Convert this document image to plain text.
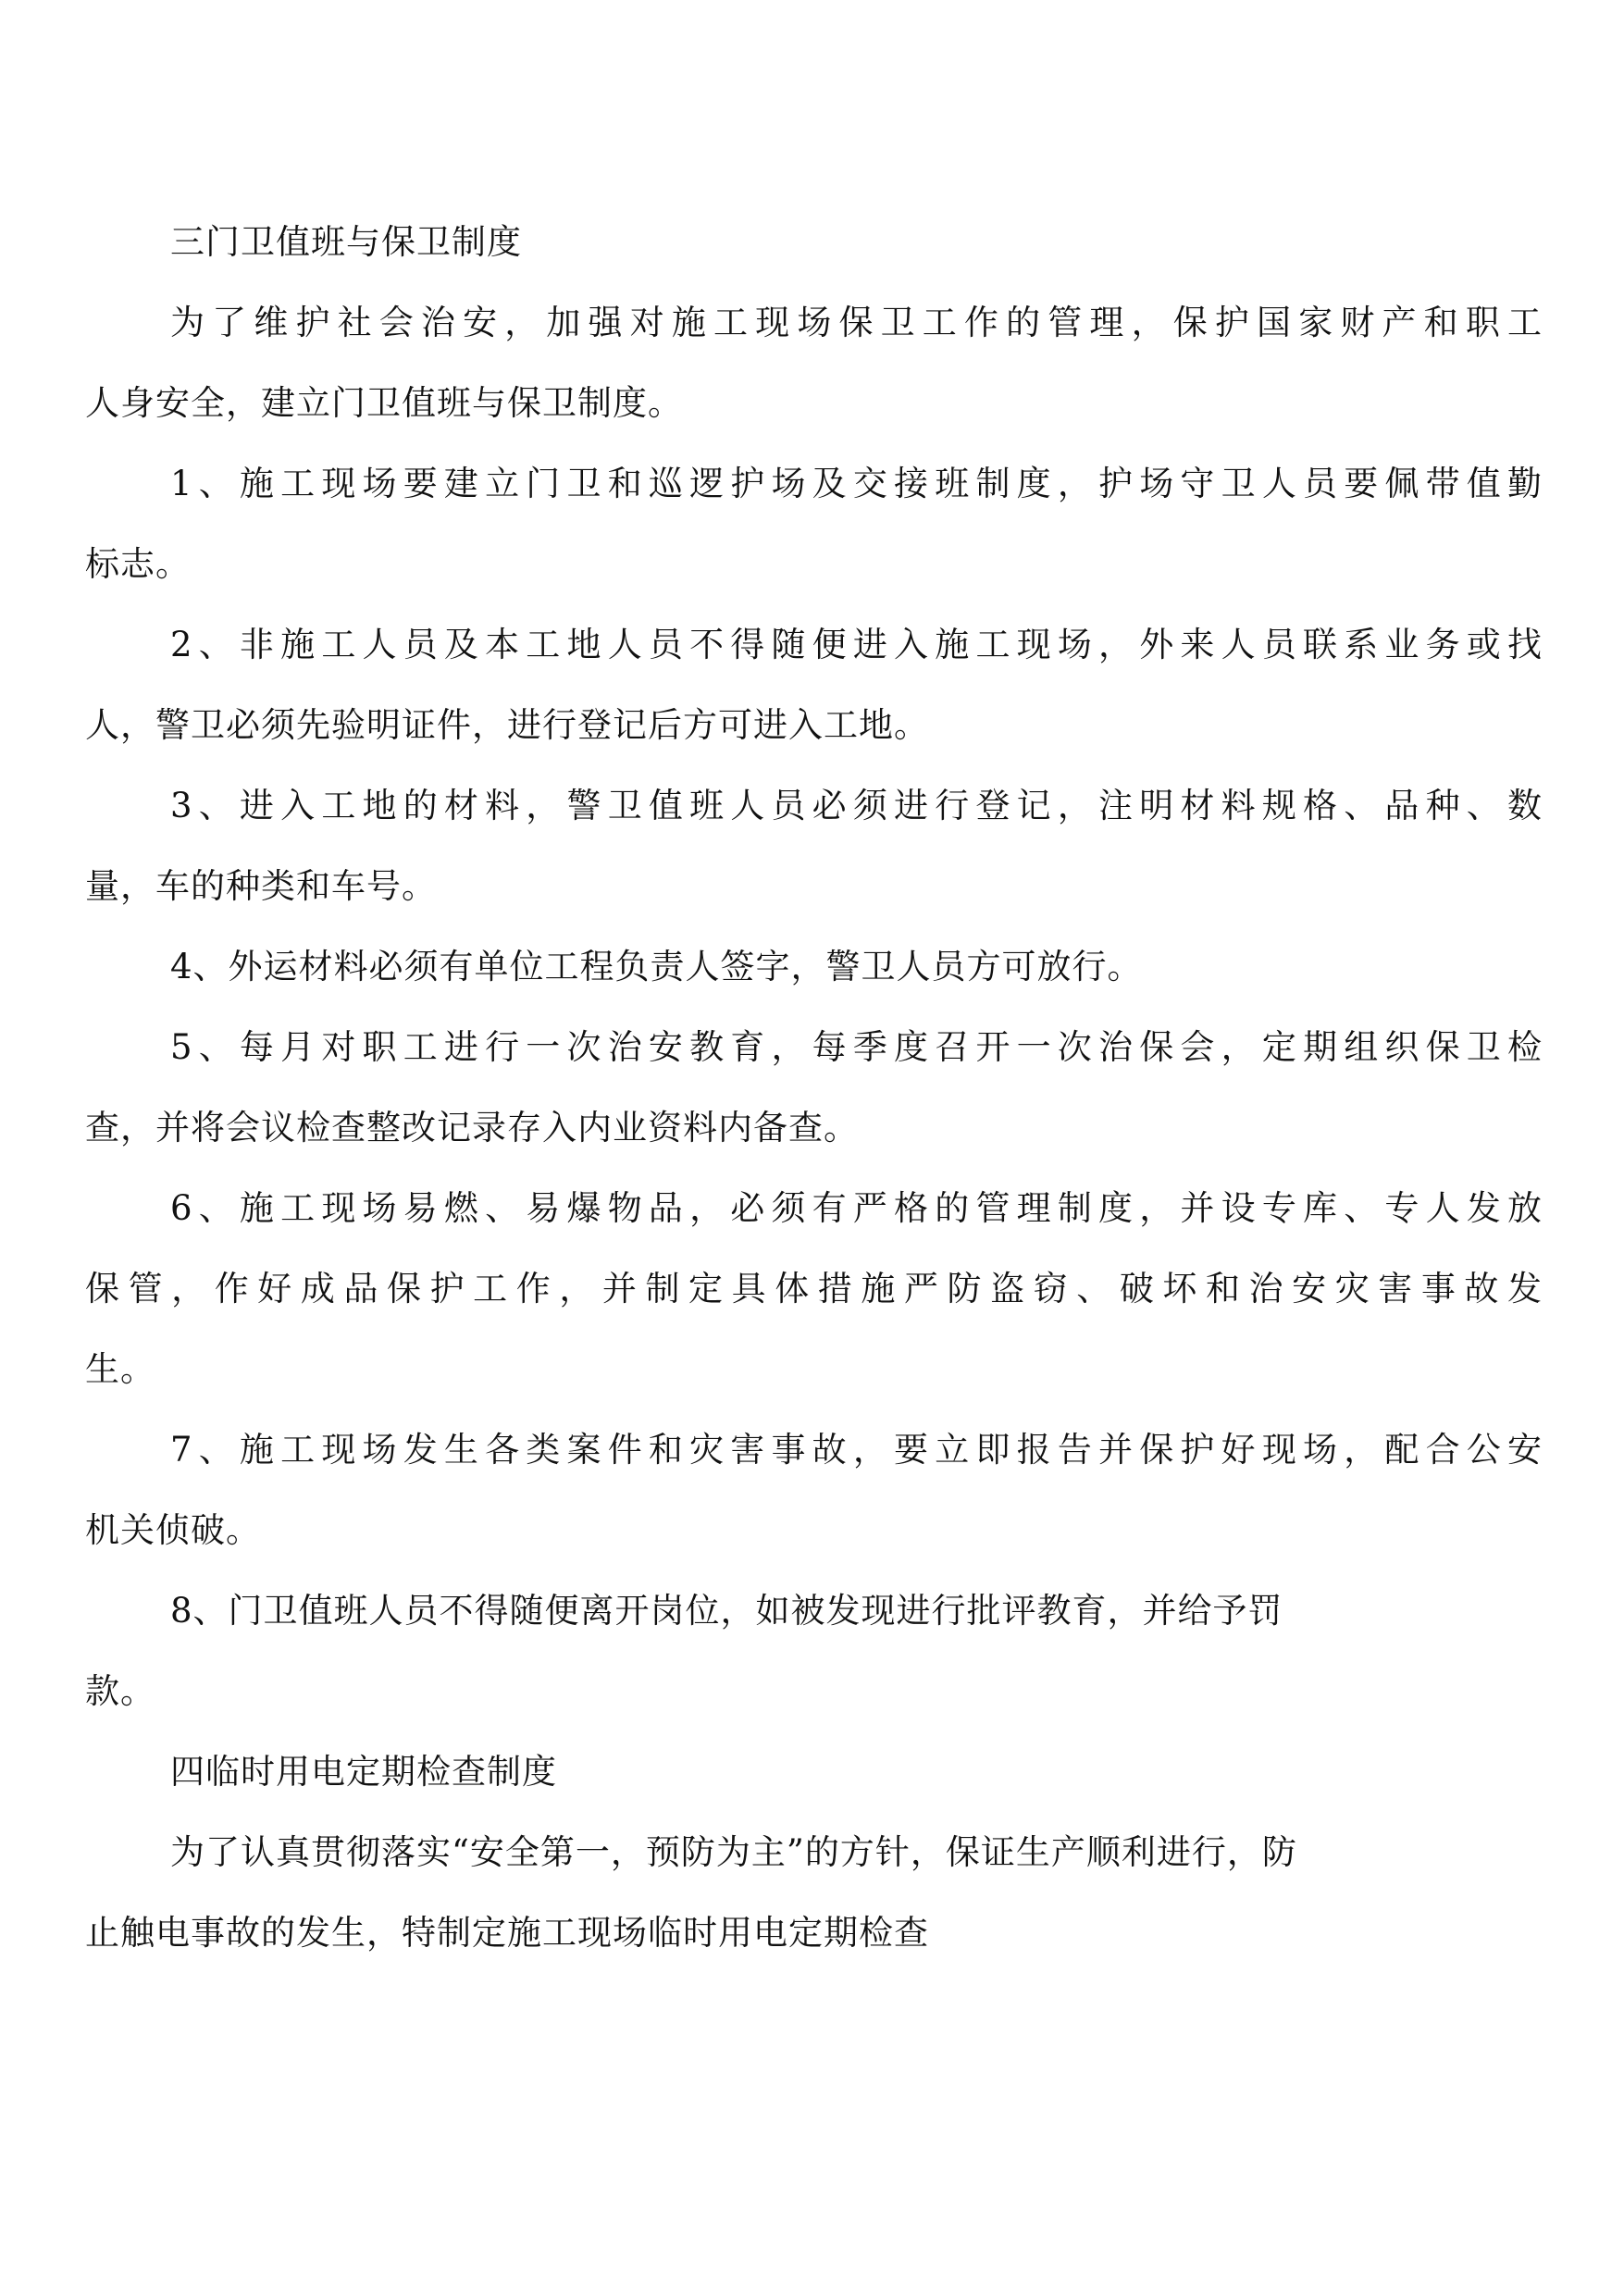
三门卫值班与保卫制度
为了维护社会治安，加强对施工现场保卫工作的管理，保护国家财产和职工
人身安全，建立门卫值班与保卫制度。
1、施工现场要建立门卫和巡逻护场及交接班制度，护场守卫人员要佩带值勤
标志。
2、非施工人员及本工地人员不得随便进入施工现场，外来人员联系业务或找
人，警卫必须先验明证件，进行登记后方可进入工地。
3、进入工地的材料，警卫值班人员必须进行登记，注明材料规格、品种、数
量，车的种类和车号。
4、外运材料必须有单位工程负责人签字，警卫人员方可放行。
5、每月对职工进行一次治安教育，每季度召开一次治保会，定期组织保卫检
查，并将会议检查整改记录存入内业资料内备查。
6、施工现场易燃、易爆物品，必须有严格的管理制度，并设专库、专人发放
保管，作好成品保护工作，并制定具体措施严防盗窃、破坏和治安灾害事故发
生。
7、施工现场发生各类案件和灾害事故，要立即报告并保护好现场，配合公安
机关侦破。
8、门卫值班人员不得随便离开岗位，如被发现进行批评教育，并给予罚
款。
四临时用电定期检查制度
为了认真贯彻落实“安全第一，预防为主”的方针，保证生产顺利进行，防
止触电事故的发生，特制定施工现场临时用电定期检查
